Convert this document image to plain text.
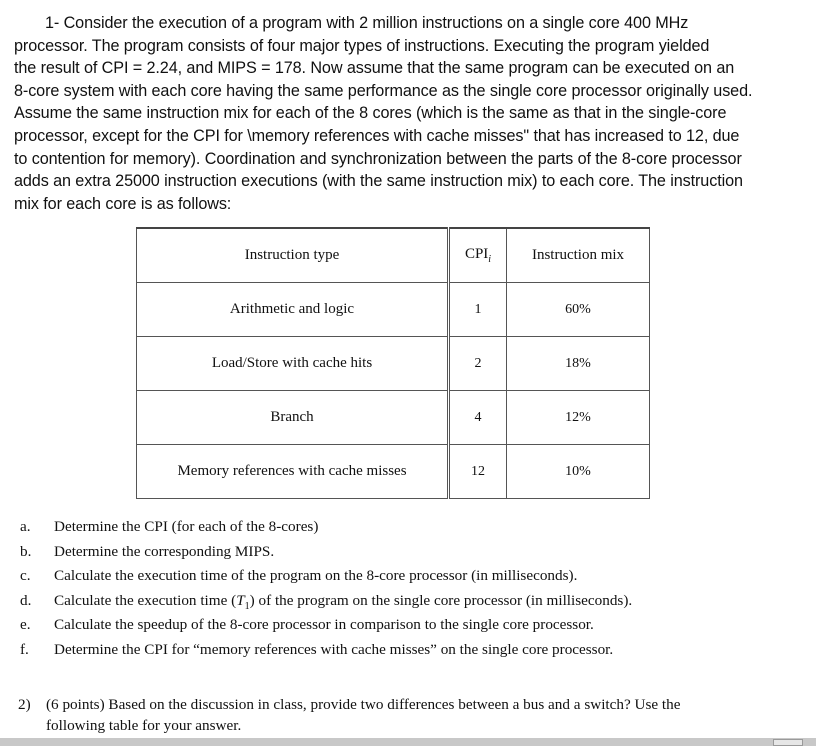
1- Consider the execution of a program with 2 million instructions on a single core 400 MHz
processor. The program consists of four major types of instructions. Executing the program yielded
the result of CPI = 2.24, and MIPS = 178. Now assume that the same program can be executed on an
8-core system with each core having the same performance as the single core processor originally used.
Assume the same instruction mix for each of the 8 cores (which is the same as that in the single-core
processor, except for the CPI for \memory references with cache misses" that has increased to 12, due
to contention for memory). Coordination and synchronization between the parts of the 8-core processor
adds an extra 25000 instruction executions (with the same instruction mix) to each core. The instruction
mix for each core is as follows:
Instruction type	$CPI_i$	Instruction mix
Arithmetic and logic	1	60%
Load/Store with cache hits	2	18%
Branch	4	12%
Memory references with cache misses	12	10%
a. Determine the CPI (for each of the 8-cores)
b. Determine the corresponding MIPS.
c. Calculate the execution time of the program on the 8-core processor (in milliseconds).
d. Calculate the execution time $(T_1)$ of the program on the single core processor (in milliseconds).
e. Calculate the speedup of the 8-core processor in comparison to the single core processor.
f. Determine the CPI for “memory references with cache misses” on the single core processor.
2) (6 points) Based on the discussion in class, provide two differences between a bus and a switch? Use the
following table for your answer.
